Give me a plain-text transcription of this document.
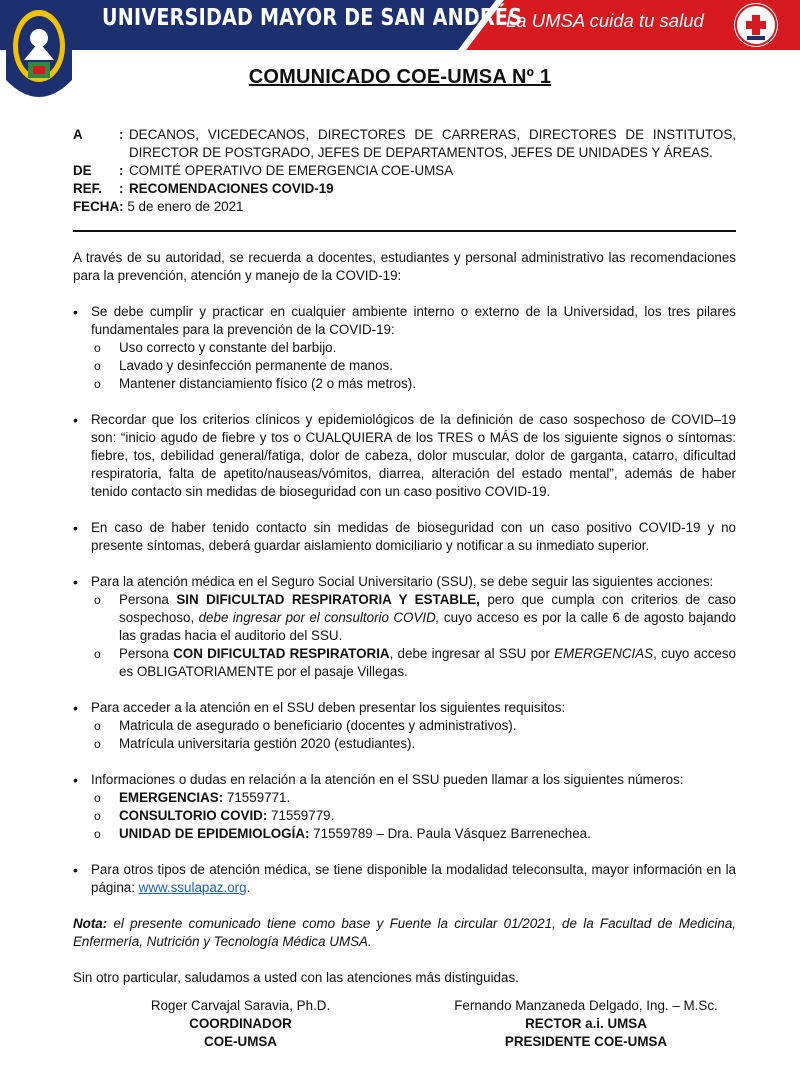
UNIVERSIDAD MAYOR DE SAN ANDRÉS
La UMSA cuida tu salud
COMUNICADO COE-UMSA Nº 1
A	: DECANOS, VICEDECANOS, DIRECTORES DE CARRERAS, DIRECTORES DE INSTITUTOS, DIRECTOR DE POSTGRADO, JEFES DE DEPARTAMENTOS, JEFES DE UNIDADES Y ÁREAS.
DE	: COMITÉ OPERATIVO DE EMERGENCIA COE-UMSA
REF.	: RECOMENDACIONES COVID-19
FECHA: 5 de enero de 2021

A través de su autoridad, se recuerda a docentes, estudiantes y personal administrativo las recomendaciones para la prevención, atención y manejo de la COVID-19:

• Se debe cumplir y practicar en cualquier ambiente interno o externo de la Universidad, los tres pilares fundamentales para la prevención de la COVID-19:
o Uso correcto y constante del barbijo.
o Lavado y desinfección permanente de manos.
o Mantener distanciamiento físico (2 o más metros).
• Recordar que los criterios clínicos y epidemiológicos de la definición de caso sospechoso de COVID–19 son: “inicio agudo de fiebre y tos o CUALQUIERA de los TRES o MÁS de los siguiente signos o síntomas: fiebre, tos, debilidad general/fatiga, dolor de cabeza, dolor muscular, dolor de garganta, catarro, dificultad respiratoria, falta de apetito/nauseas/vómitos, diarrea, alteración del estado mental”, además de haber tenido contacto sin medidas de bioseguridad con un caso positivo COVID-19.
• En caso de haber tenido contacto sin medidas de bioseguridad con un caso positivo COVID-19 y no presente síntomas, deberá guardar aislamiento domiciliario y notificar a su inmediato superior.
• Para la atención médica en el Seguro Social Universitario (SSU), se debe seguir las siguientes acciones:
o Persona SIN DIFICULTAD RESPIRATORIA Y ESTABLE, pero que cumpla con criterios de caso sospechoso, debe ingresar por el consultorio COVID, cuyo acceso es por la calle 6 de agosto bajando las gradas hacia el auditorio del SSU.
o Persona CON DIFICULTAD RESPIRATORIA, debe ingresar al SSU por EMERGENCIAS, cuyo acceso es OBLIGATORIAMENTE por el pasaje Villegas.
• Para acceder a la atención en el SSU deben presentar los siguientes requisitos:
o Matricula de asegurado o beneficiario (docentes y administrativos).
o Matrícula universitaria gestión 2020 (estudiantes).
• Informaciones o dudas en relación a la atención en el SSU pueden llamar a los siguientes números:
o EMERGENCIAS: 71559771.
o CONSULTORIO COVID: 71559779.
o UNIDAD DE EPIDEMIOLOGÍA: 71559789 – Dra. Paula Vásquez Barrenechea.
• Para otros tipos de atención médica, se tiene disponible la modalidad teleconsulta, mayor información en la página: www.ssulapaz.org.

Nota: el presente comunicado tiene como base y Fuente la circular 01/2021, de la Facultad de Medicina, Enfermería, Nutrición y Tecnología Médica UMSA.

Sin otro particular, saludamos a usted con las atenciones más distinguidas.

Roger Carvajal Saravia, Ph.D.
COORDINADOR
COE-UMSA
Fernando Manzaneda Delgado, Ing. – M.Sc.
RECTOR a.i. UMSA
PRESIDENTE COE-UMSA
